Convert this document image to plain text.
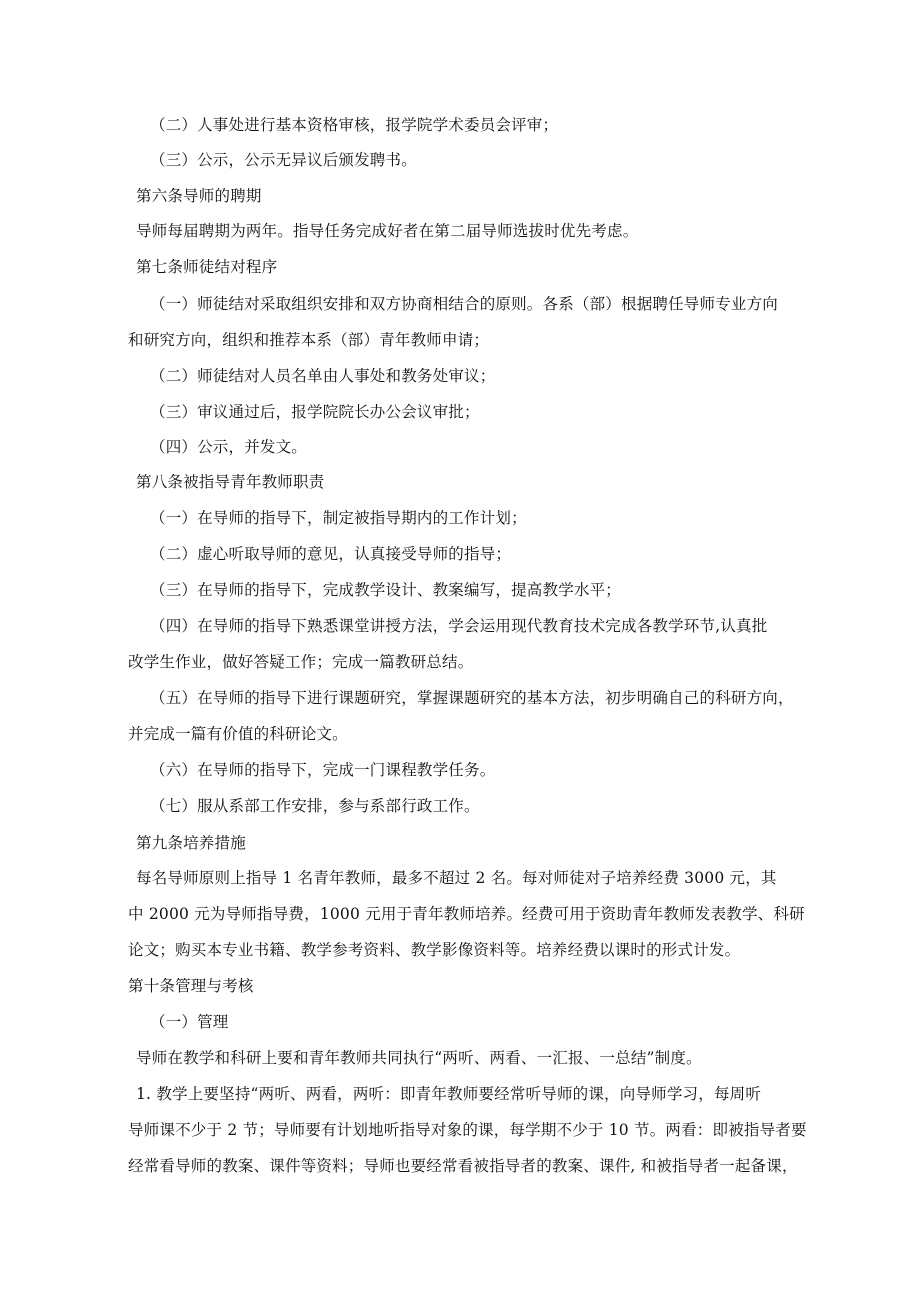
（二）人事处进行基本资格审核，报学院学术委员会评审；
（三）公示，公示无异议后颁发聘书。
第六条导师的聘期
导师每届聘期为两年。指导任务完成好者在第二届导师选拔时优先考虑。
第七条师徒结对程序
（一）师徒结对采取组织安排和双方协商相结合的原则。各系（部）根据聘任导师专业方向
和研究方向，组织和推荐本系（部）青年教师申请；
（二）师徒结对人员名单由人事处和教务处审议；
（三）审议通过后，报学院院长办公会议审批；
（四）公示，并发文。
第八条被指导青年教师职责
（一）在导师的指导下，制定被指导期内的工作计划；
（二）虚心听取导师的意见，认真接受导师的指导；
（三）在导师的指导下，完成教学设计、教案编写，提高教学水平；
（四）在导师的指导下熟悉课堂讲授方法，学会运用现代教育技术完成各教学环节,认真批
改学生作业，做好答疑工作；完成一篇教研总结。
（五）在导师的指导下进行课题研究，掌握课题研究的基本方法，初步明确自己的科研方向，
并完成一篇有价值的科研论文。
（六）在导师的指导下，完成一门课程教学任务。
（七）服从系部工作安排，参与系部行政工作。
第九条培养措施
每名导师原则上指导 1 名青年教师，最多不超过 2 名。每对师徒对子培养经费 3000 元，其
中 2000 元为导师指导费，1000 元用于青年教师培养。经费可用于资助青年教师发表教学、科研
论文；购买本专业书籍、教学参考资料、教学影像资料等。培养经费以课时的形式计发。
第十条管理与考核
（一）管理
导师在教学和科研上要和青年教师共同执行“两听、两看、一汇报、一总结”制度。
1. 教学上要坚持“两听、两看，两听：即青年教师要经常听导师的课，向导师学习，每周听
导师课不少于 2 节；导师要有计划地听指导对象的课，每学期不少于 10 节。两看：即被指导者要
经常看导师的教案、课件等资料；导师也要经常看被指导者的教案、课件, 和被指导者一起备课，
